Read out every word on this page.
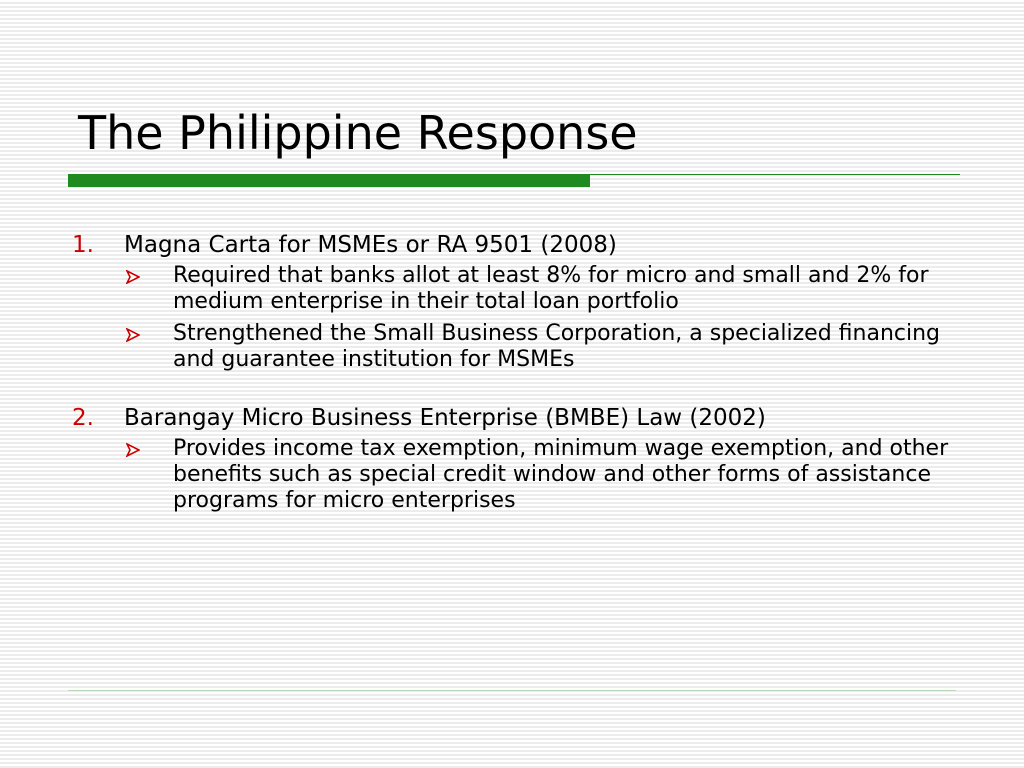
The Philippine Response
1. Magna Carta for MSMEs or RA 9501 (2008)
Required that banks allot at least 8% for micro and small and 2% for medium enterprise in their total loan portfolio
Strengthened the Small Business Corporation, a specialized financing and guarantee institution for MSMEs
2. Barangay Micro Business Enterprise (BMBE) Law (2002)
Provides income tax exemption, minimum wage exemption, and other benefits such as special credit window and other forms of assistance programs for micro enterprises
